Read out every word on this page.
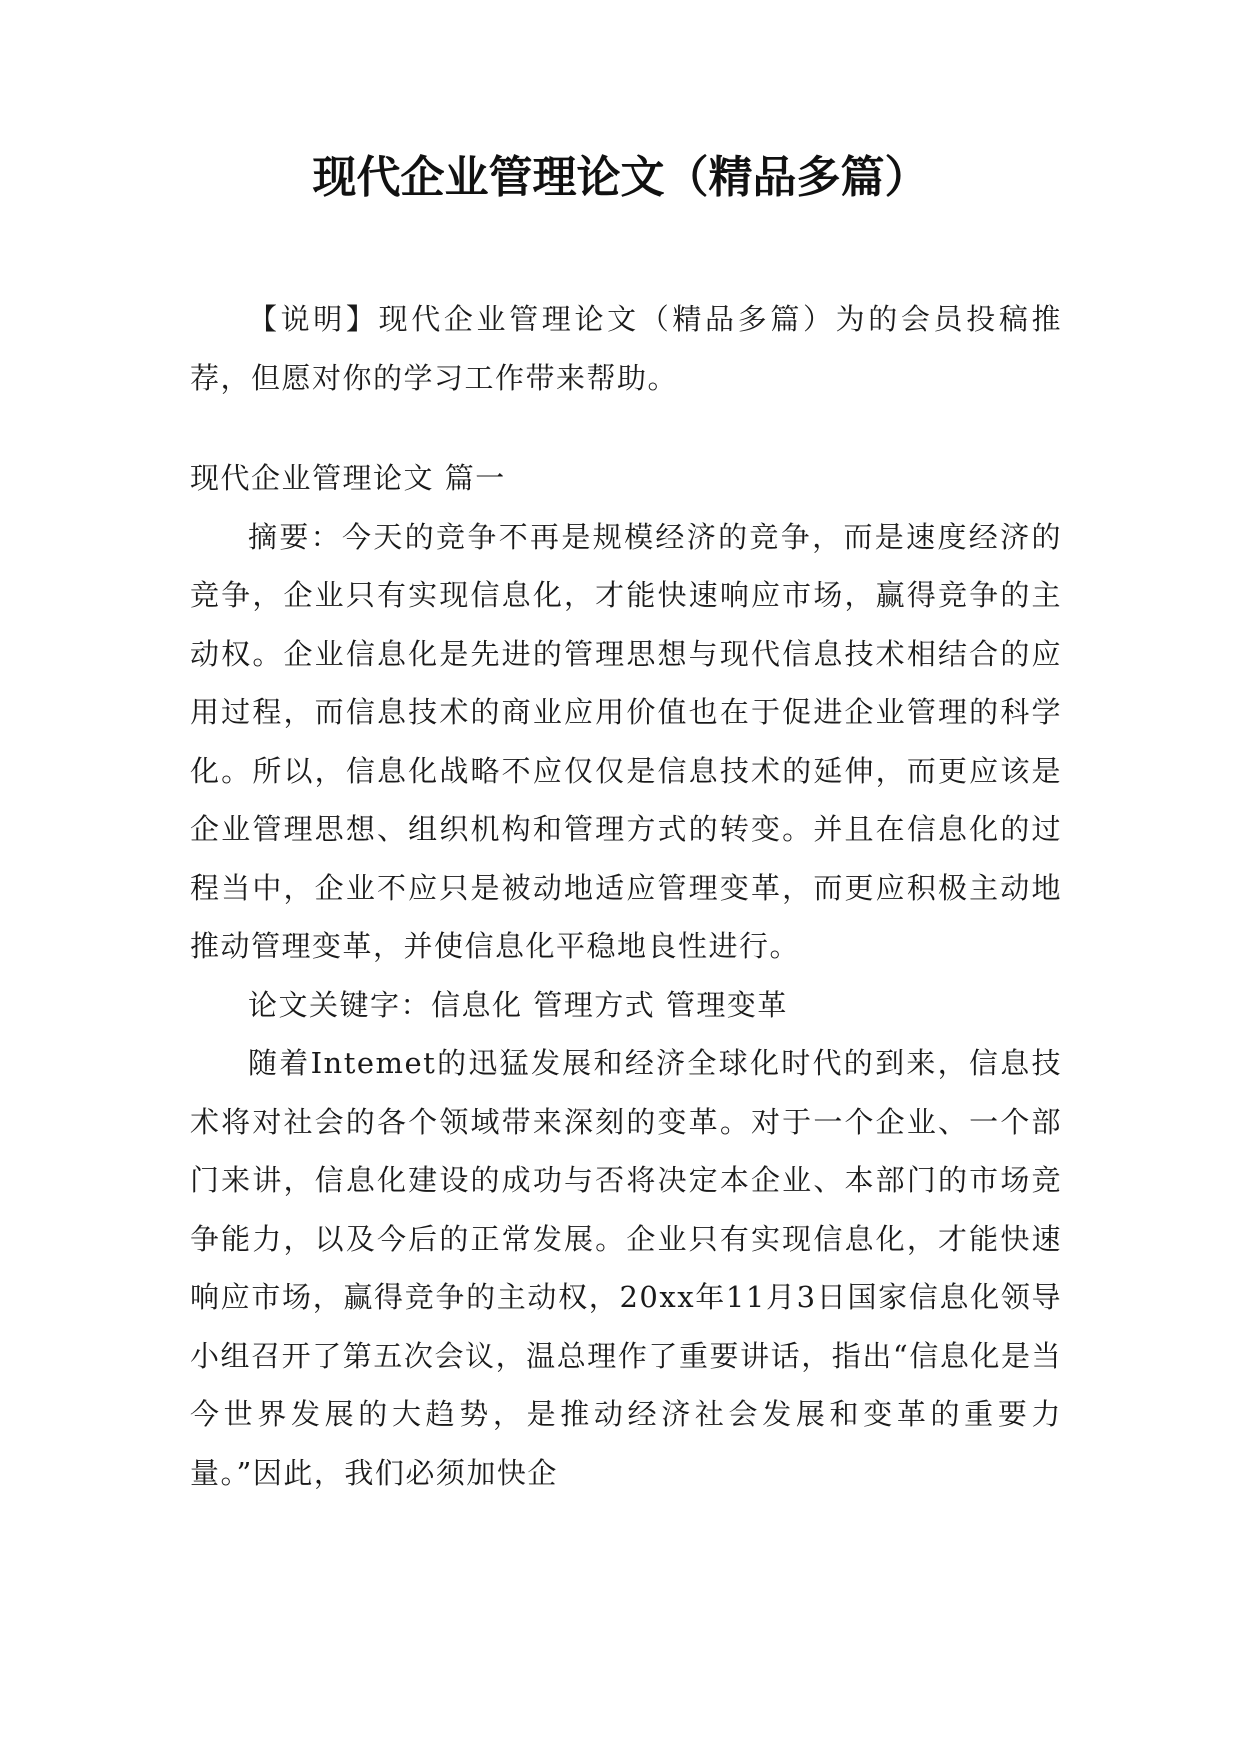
现代企业管理论文（精品多篇）

【说明】现代企业管理论文（精品多篇）为的会员投稿推荐，但愿对你的学习工作带来帮助。

现代企业管理论文 篇一

摘要：今天的竞争不再是规模经济的竞争，而是速度经济的竞争，企业只有实现信息化，才能快速响应市场，赢得竞争的主动权。企业信息化是先进的管理思想与现代信息技术相结合的应用过程，而信息技术的商业应用价值也在于促进企业管理的科学化。所以，信息化战略不应仅仅是信息技术的延伸，而更应该是企业管理思想、组织机构和管理方式的转变。并且在信息化的过程当中，企业不应只是被动地适应管理变革，而更应积极主动地推动管理变革，并使信息化平稳地良性进行。

论文关键字：信息化 管理方式 管理变革

随着Intemet的迅猛发展和经济全球化时代的到来，信息技术将对社会的各个领域带来深刻的变革。对于一个企业、一个部门来讲，信息化建设的成功与否将决定本企业、本部门的市场竞争能力，以及今后的正常发展。企业只有实现信息化，才能快速响应市场，赢得竞争的主动权，20xx年11月3日国家信息化领导小组召开了第五次会议，温总理作了重要讲话，指出“信息化是当今世界发展的大趋势，是推动经济社会发展和变革的重要力量。”因此，我们必须加快企
